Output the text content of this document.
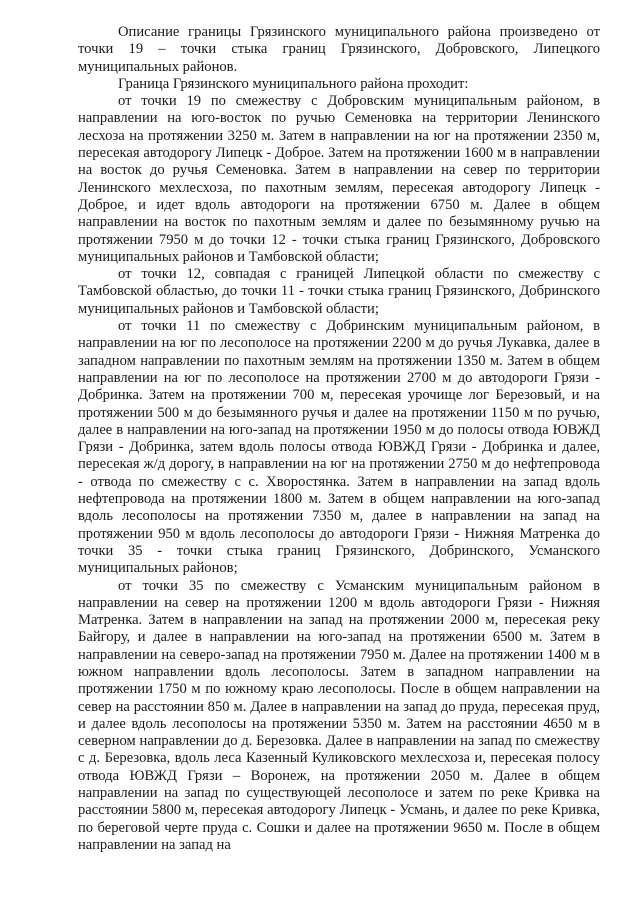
Описание границы Грязинского муниципального района произведено от точки 19 – точки стыка границ Грязинского, Добровского, Липецкого муниципальных районов.

Граница Грязинского муниципального района проходит:

от точки 19 по смежеству с Добровским муниципальным районом, в направлении на юго-восток по ручью Семеновка на территории Ленинского лесхоза на протяжении 3250 м. Затем в направлении на юг на протяжении 2350 м, пересекая автодорогу Липецк - Доброе. Затем на протяжении 1600 м в направлении на восток до ручья Семеновка. Затем в направлении на север по территории Ленинского мехлесхоза, по пахотным землям, пересекая автодорогу Липецк - Доброе, и идет вдоль автодороги на протяжении 6750 м. Далее в общем направлении на восток по пахотным землям и далее по безымянному ручью на протяжении 7950 м до точки 12 - точки стыка границ Грязинского, Добровского муниципальных районов и Тамбовской области;

от точки 12, совпадая с границей Липецкой области по смежеству с Тамбовской областью, до точки 11 - точки стыка границ Грязинского, Добринского муниципальных районов и Тамбовской области;

от точки 11 по смежеству с Добринским муниципальным районом, в направлении на юг по лесополосе на протяжении 2200 м до ручья Лукавка, далее в западном направлении по пахотным землям на протяжении 1350 м. Затем в общем направлении на юг по лесополосе на протяжении 2700 м до автодороги Грязи - Добринка. Затем на протяжении 700 м, пересекая урочище лог Березовый, и на протяжении 500 м до безымянного ручья и далее на протяжении 1150 м по ручью, далее в направлении на юго-запад на протяжении 1950 м до полосы отвода ЮВЖД Грязи - Добринка, затем вдоль полосы отвода ЮВЖД Грязи - Добринка и далее, пересекая ж/д дорогу, в направлении на юг на протяжении 2750 м до нефтепровода - отвода по смежеству с с. Хворостянка. Затем в направлении на запад вдоль нефтепровода на протяжении 1800 м. Затем в общем направлении на юго-запад вдоль лесополосы на протяжении 7350 м, далее в направлении на запад на протяжении 950 м вдоль лесополосы до автодороги Грязи - Нижняя Матренка до точки 35 - точки стыка границ Грязинского, Добринского, Усманского муниципальных районов;

от точки 35 по смежеству с Усманским муниципальным районом в направлении на север на протяжении 1200 м вдоль автодороги Грязи - Нижняя Матренка. Затем в направлении на запад на протяжении 2000 м, пересекая реку Байгору, и далее в направлении на юго-запад на протяжении 6500 м. Затем в направлении на северо-запад на протяжении 7950 м. Далее на протяжении 1400 м в южном направлении вдоль лесополосы. Затем в западном направлении на протяжении 1750 м по южному краю лесополосы. После в общем направлении на север на расстоянии 850 м. Далее в направлении на запад до пруда, пересекая пруд, и далее вдоль лесополосы на протяжении 5350 м. Затем на расстоянии 4650 м в северном направлении до д. Березовка. Далее в направлении на запад по смежеству с д. Березовка, вдоль леса Казенный Куликовского мехлесхоза и, пересекая полосу отвода ЮВЖД Грязи – Воронеж, на протяжении 2050 м. Далее в общем направлении на запад по существующей лесополосе и затем по реке Кривка на расстоянии 5800 м, пересекая автодорогу Липецк - Усмань, и далее по реке Кривка, по береговой черте пруда с. Сошки и далее на протяжении 9650 м. После в общем направлении на запад на
